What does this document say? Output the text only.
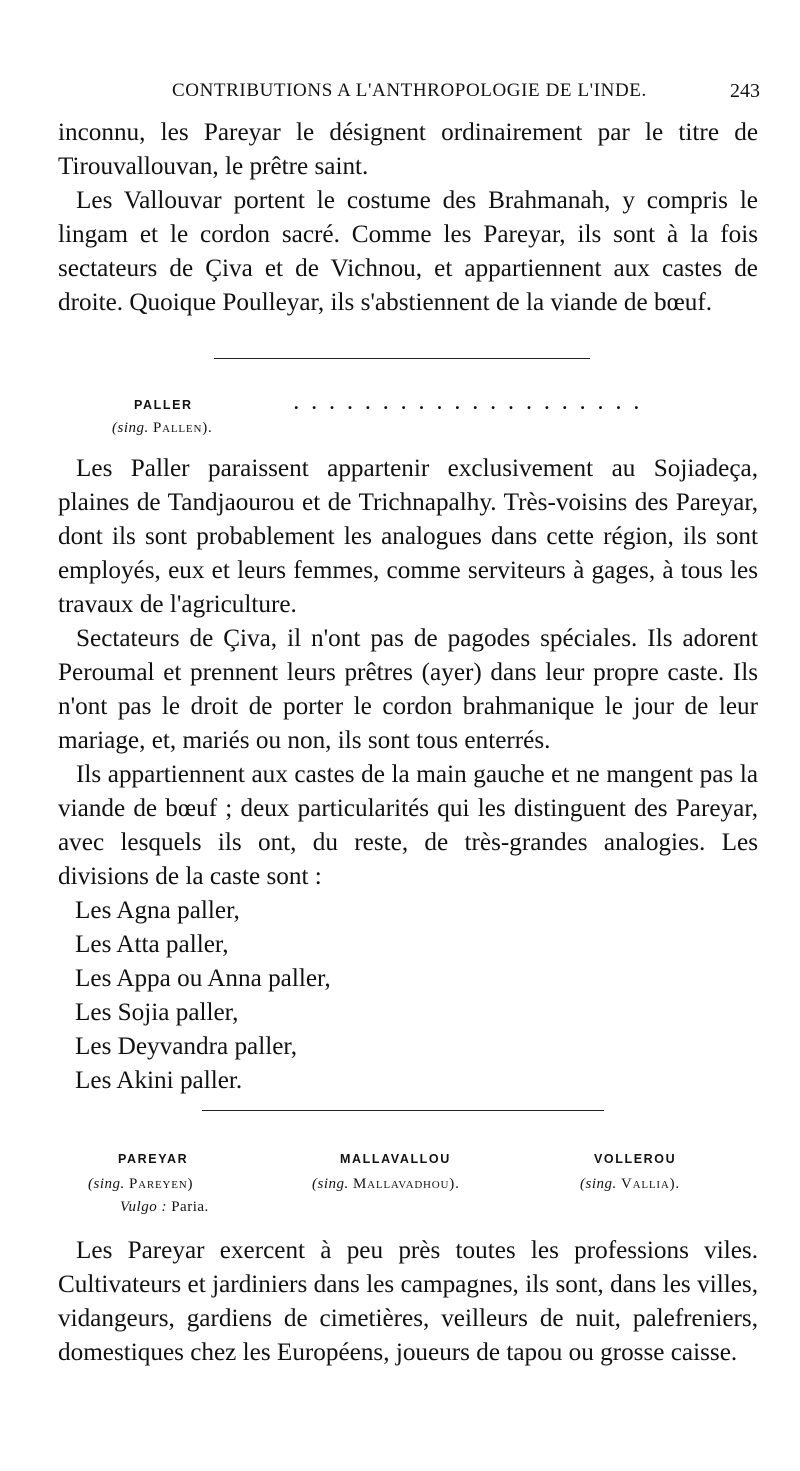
CONTRIBUTIONS A L'ANTHROPOLOGIE DE L'INDE.	243

inconnu, les Pareyar le désignent ordinairement par le titre de

Tirouvallouvan, le prêtre saint.

Les Vallouvar portent le costume des Brahmanah, y compris le lingam et le cordon sacré. Comme les Pareyar, ils sont à la fois sectateurs de Çiva et de Vichnou, et appartiennent aux castes de droite. Quoique Poulleyar, ils s'abstiennent de la viande de bœuf.

PALLER	....................
(sing. Pallen).

Les Paller paraissent appartenir exclusivement au Sojiadeça, plaines de Tandjaourou et de Trichnapalhy. Très-voisins des Pareyar, dont ils sont probablement les analogues dans cette région, ils sont employés, eux et leurs femmes, comme serviteurs à gages, à tous les travaux de l'agriculture.

Sectateurs de Çiva, il n'ont pas de pagodes spéciales. Ils adorent Peroumal et prennent leurs prêtres (ayer) dans leur propre caste. Ils n'ont pas le droit de porter le cordon brahmanique le jour de leur mariage, et, mariés ou non, ils sont tous enterrés.

Ils appartiennent aux castes de la main gauche et ne mangent pas la viande de bœuf ; deux particularités qui les distinguent des Pareyar, avec lesquels ils ont, du reste, de très-grandes analogies. Les divisions de la caste sont :

Les Agna paller,
Les Atta paller,
Les Appa ou Anna paller,
Les Sojia paller,
Les Deyvandra paller,
Les Akini paller.
PAREYAR	MALLAVALLOU	VOLLEROU
(sing. Pareyen)	(sing. Mallavadhou).	(sing. Vallia).
Vulgo : Paria.

Les Pareyar exercent à peu près toutes les professions viles. Cultivateurs et jardiniers dans les campagnes, ils sont, dans les villes, vidangeurs, gardiens de cimetières, veilleurs de nuit, palefreniers, domestiques chez les Européens, joueurs de tapou ou grosse caisse.
